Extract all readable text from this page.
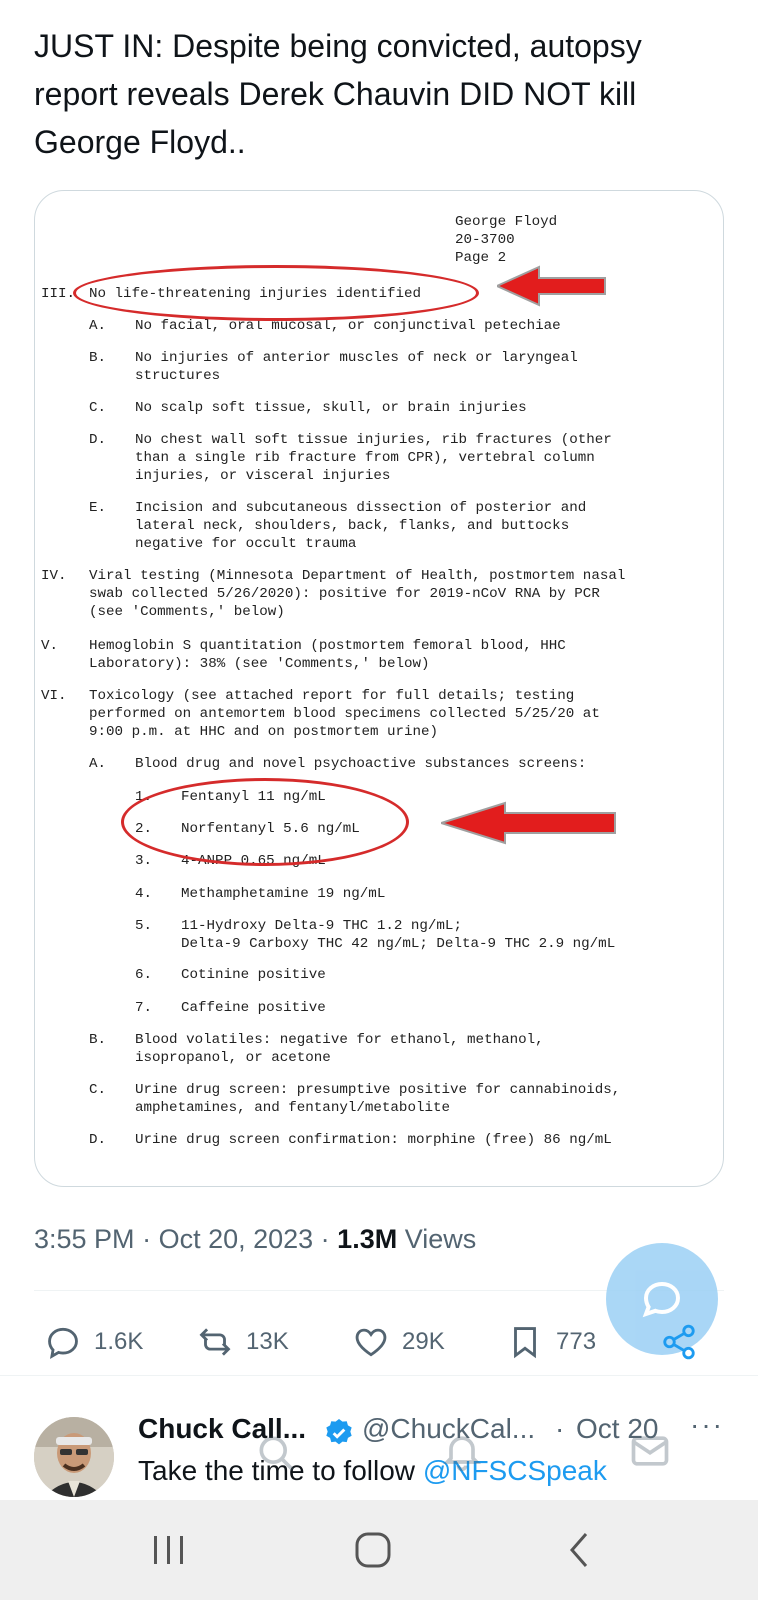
JUST IN: Despite being convicted, autopsy
report reveals Derek Chauvin DID NOT kill
George Floyd..
George Floyd
20-3700
Page 2
III. No life-threatening injuries identified
A. No facial, oral mucosal, or conjunctival petechiae
B. No injuries of anterior muscles of neck or laryngeal
structures
C. No scalp soft tissue, skull, or brain injuries
D. No chest wall soft tissue injuries, rib fractures (other
than a single rib fracture from CPR), vertebral column
injuries, or visceral injuries
E. Incision and subcutaneous dissection of posterior and
lateral neck, shoulders, back, flanks, and buttocks
negative for occult trauma
IV. Viral testing (Minnesota Department of Health, postmortem nasal
swab collected 5/26/2020): positive for 2019-nCoV RNA by PCR
(see 'Comments,' below)
V. Hemoglobin S quantitation (postmortem femoral blood, HHC
Laboratory): 38% (see 'Comments,' below)
VI. Toxicology (see attached report for full details; testing
performed on antemortem blood specimens collected 5/25/20 at
9:00 p.m. at HHC and on postmortem urine)
A. Blood drug and novel psychoactive substances screens:
1. Fentanyl 11 ng/mL
2. Norfentanyl 5.6 ng/mL
3. 4-ANPP 0.65 ng/mL
4. Methamphetamine 19 ng/mL
5. 11-Hydroxy Delta-9 THC 1.2 ng/mL;
Delta-9 Carboxy THC 42 ng/mL; Delta-9 THC 2.9 ng/mL
6. Cotinine positive
7. Caffeine positive
B. Blood volatiles: negative for ethanol, methanol,
isopropanol, or acetone
C. Urine drug screen: presumptive positive for cannabinoids,
amphetamines, and fentanyl/metabolite
D. Urine drug screen confirmation: morphine (free) 86 ng/mL
3:55 PM · Oct 20, 2023 · 1.3M Views
1.6K	13K	29K	773
Chuck Call... @ChuckCal... · Oct 20 ···
Take the time to follow @NFSCSpeak
